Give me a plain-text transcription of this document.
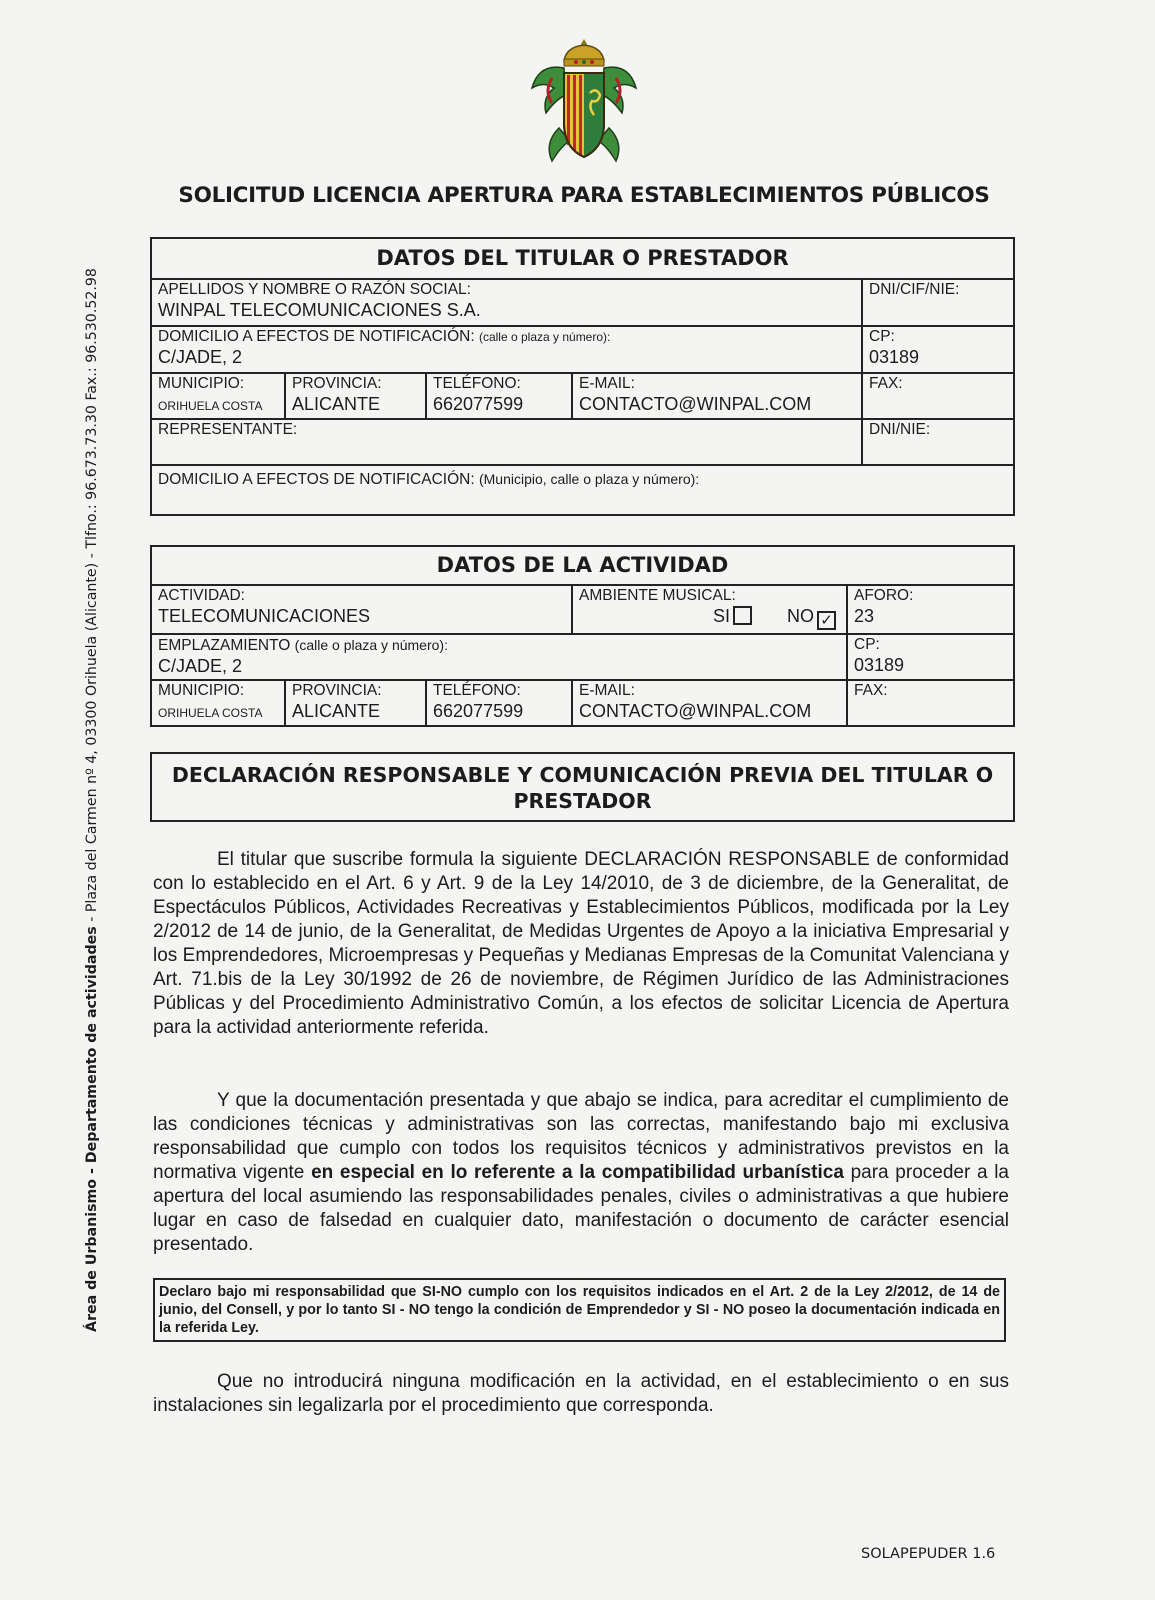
Área de Urbanismo - Departamento de actividades - Plaza del Carmen nº 4, 03300 Orihuela (Alicante) - Tlfno.: 96.673.73.30 Fax.: 96.530.52.98
SOLICITUD LICENCIA APERTURA PARA ESTABLECIMIENTOS PÚBLICOS
DATOS DEL TITULAR O PRESTADOR
APELLIDOS Y NOMBRE O RAZÓN SOCIAL:
WINPAL TELECOMUNICACIONES S.A.
DNI/CIF/NIE:
DOMICILIO A EFECTOS DE NOTIFICACIÓN: (calle o plaza y número):
C/JADE, 2
CP:
03189
MUNICIPIO:
ORIHUELA COSTA
PROVINCIA:
ALICANTE
TELÉFONO:
662077599
E-MAIL:
CONTACTO@WINPAL.COM
FAX:
REPRESENTANTE:	DNI/NIE:
DOMICILIO A EFECTOS DE NOTIFICACIÓN: (Municipio, calle o plaza y número):
DATOS DE LA ACTIVIDAD
ACTIVIDAD:
TELECOMUNICACIONES
AMBIENTE MUSICAL:
SI	NO ✓
AFORO:
23
EMPLAZAMIENTO (calle o plaza y número):
C/JADE, 2
CP:
03189
MUNICIPIO:
ORIHUELA COSTA
PROVINCIA:
ALICANTE
TELÉFONO:
662077599
E-MAIL:
CONTACTO@WINPAL.COM
FAX:
DECLARACIÓN RESPONSABLE Y COMUNICACIÓN PREVIA DEL TITULAR O
PRESTADOR

El titular que suscribe formula la siguiente DECLARACIÓN RESPONSABLE de conformidad con lo establecido en el Art. 6 y Art. 9 de la Ley 14/2010, de 3 de diciembre, de la Generalitat, de Espectáculos Públicos, Actividades Recreativas y Establecimientos Públicos, modificada por la Ley 2/2012 de 14 de junio, de la Generalitat, de Medidas Urgentes de Apoyo a la iniciativa Empresarial y los Emprendedores, Microempresas y Pequeñas y Medianas Empresas de la Comunitat Valenciana y Art. 71.bis de la Ley 30/1992 de 26 de noviembre, de Régimen Jurídico de las Administraciones Públicas y del Procedimiento Administrativo Común, a los efectos de solicitar Licencia de Apertura para la actividad anteriormente referida.

Y que la documentación presentada y que abajo se indica, para acreditar el cumplimiento de las condiciones técnicas y administrativas son las correctas, manifestando bajo mi exclusiva responsabilidad que cumplo con todos los requisitos técnicos y administrativos previstos en la normativa vigente en especial en lo referente a la compatibilidad urbanística para proceder a la apertura del local asumiendo las responsabilidades penales, civiles o administrativas a que hubiere lugar en caso de falsedad en cualquier dato, manifestación o documento de carácter esencial presentado.

Declaro bajo mi responsabilidad que SI-NO cumplo con los requisitos indicados en el Art. 2 de la Ley 2/2012, de 14 de junio, del Consell, y por lo tanto SI - NO tengo la condición de Emprendedor y SI - NO poseo la documentación indicada en la referida Ley.

Que no introducirá ninguna modificación en la actividad, en el establecimiento o en sus instalaciones sin legalizarla por el procedimiento que corresponda.

SOLAPEPUDER 1.6
